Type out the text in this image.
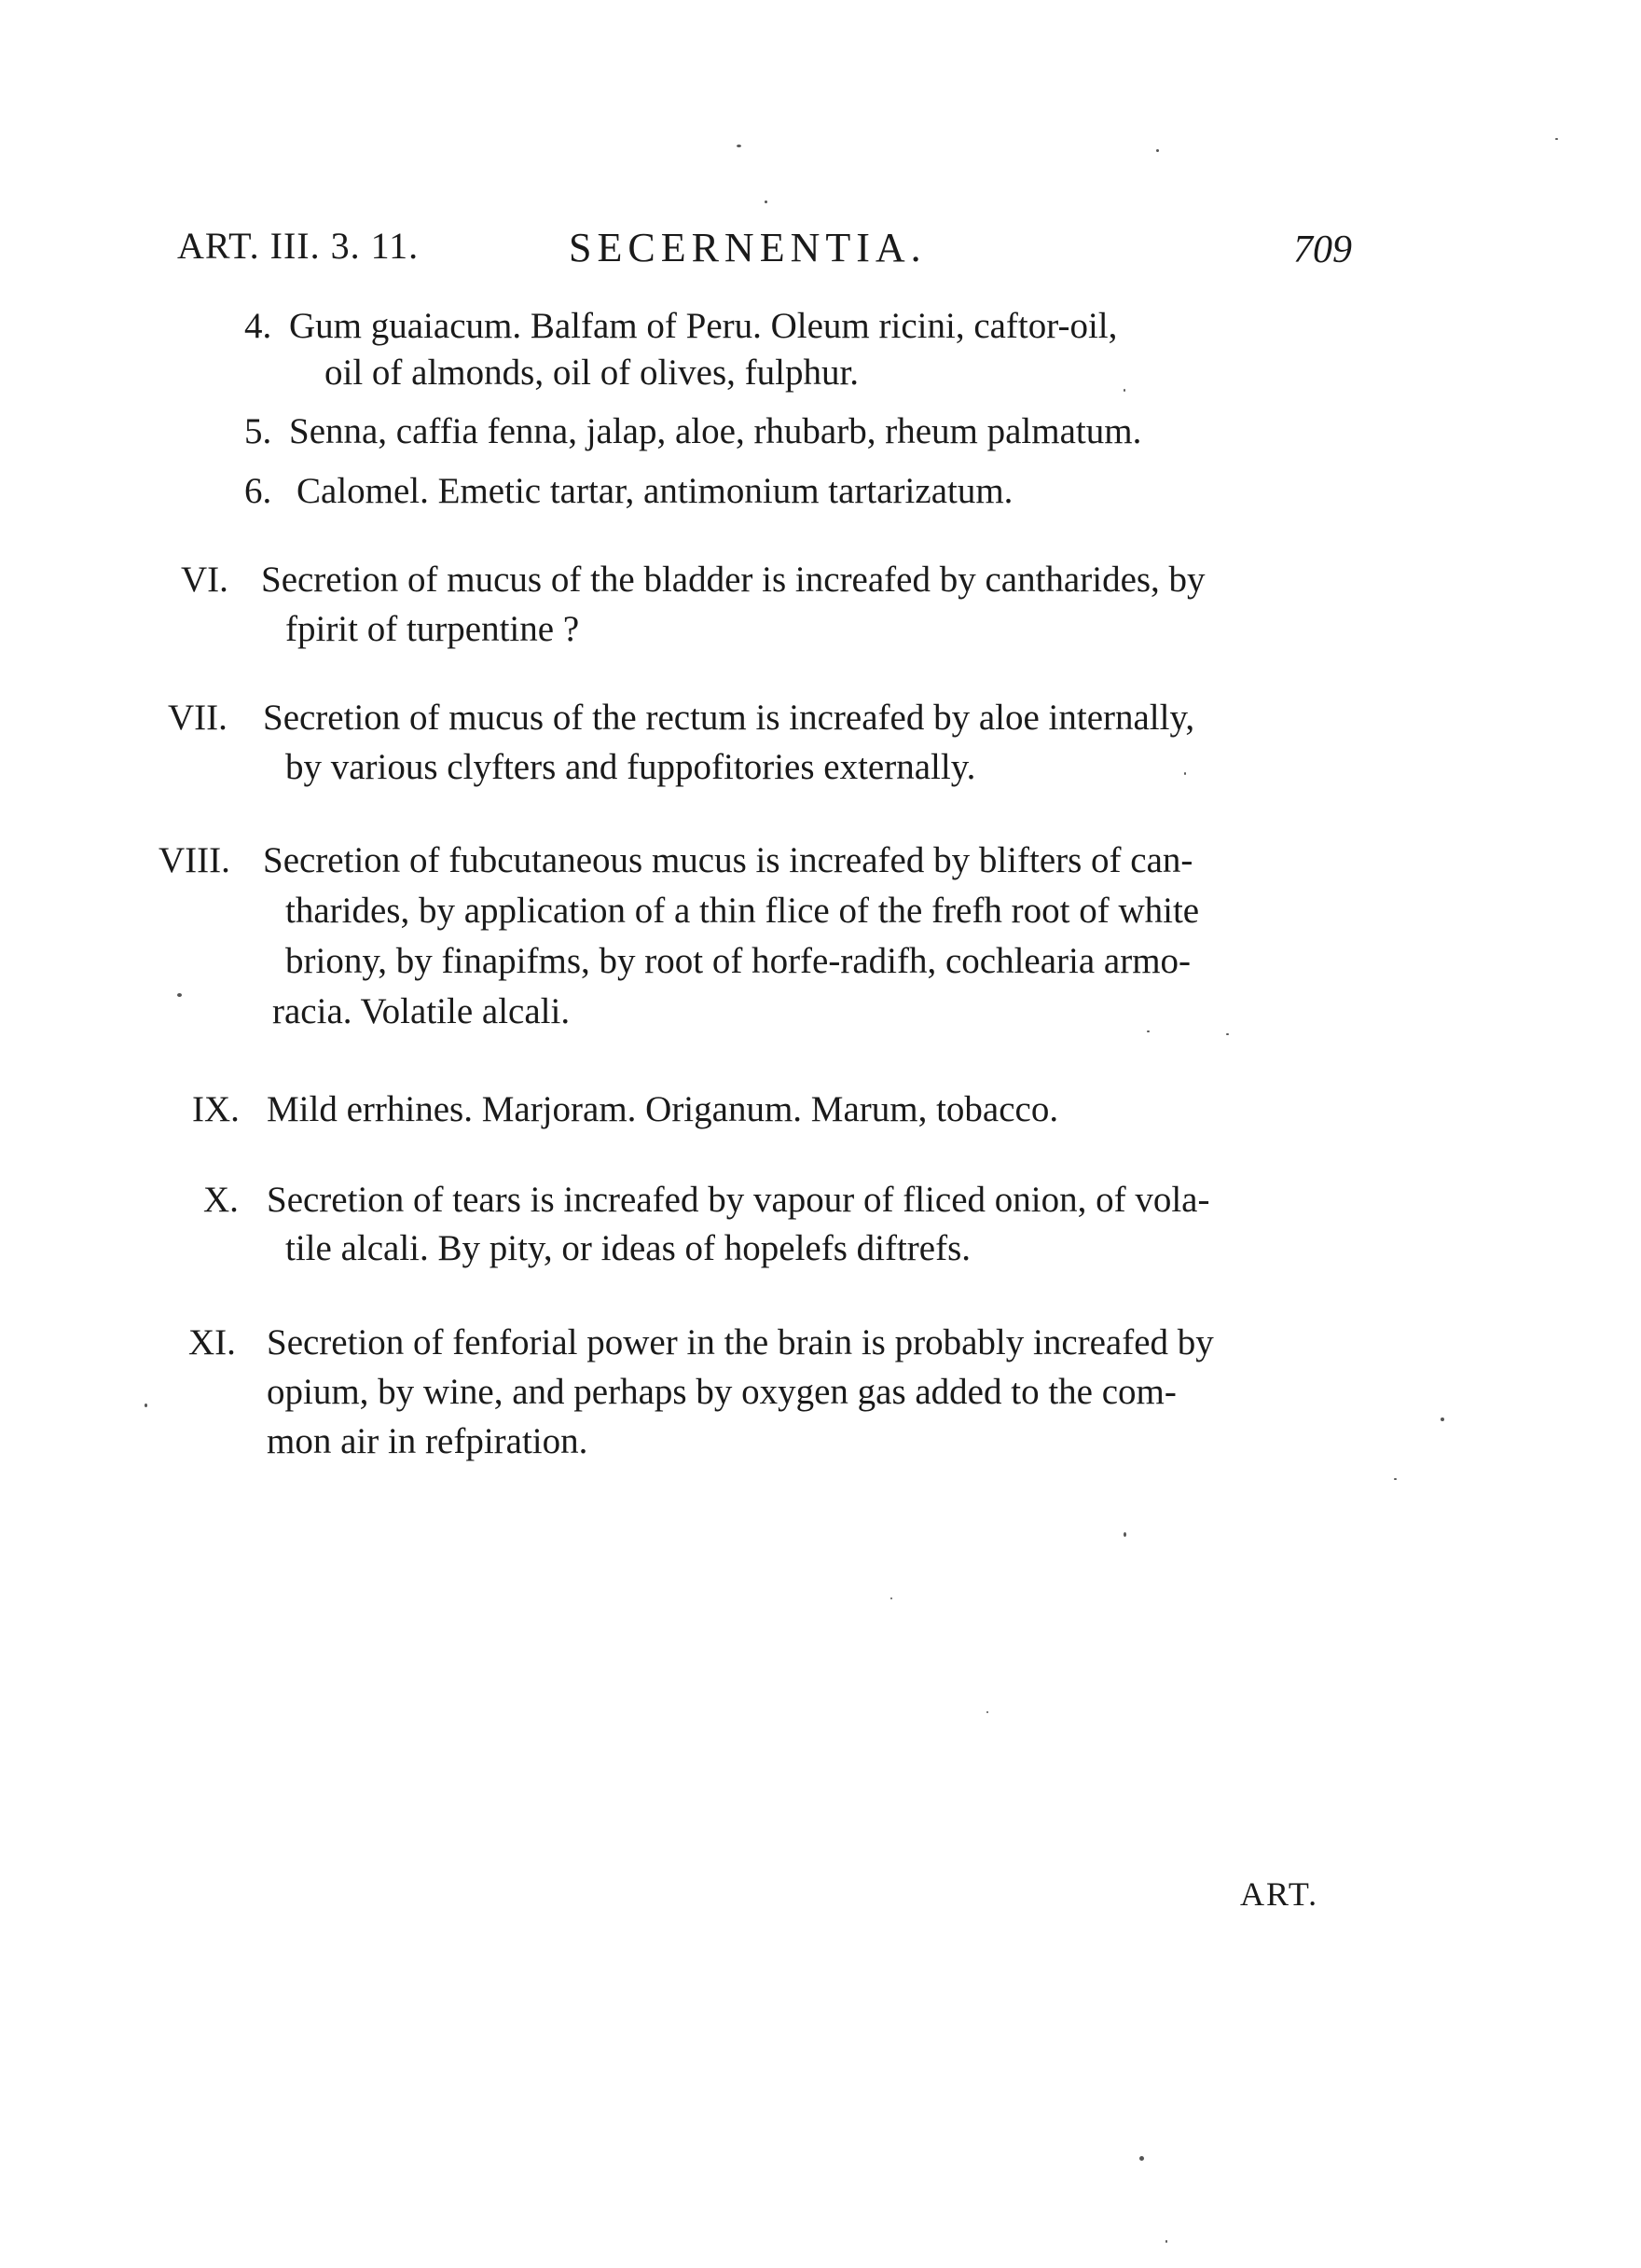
ART. III. 3. 11.	SECERNENTIA.	709
4. Gum guaiacum. Balfam of Peru. Oleum ricini, caftor-oil,
oil of almonds, oil of olives, fulphur.
5. Senna, caffia fenna, jalap, aloe, rhubarb, rheum palmatum.
6. Calomel. Emetic tartar, antimonium tartarizatum.
VI. Secretion of mucus of the bladder is increafed by cantharides, by
fpirit of turpentine ?
VII. Secretion of mucus of the rectum is increafed by aloe internally,
by various clyfters and fuppofitories externally.
VIII. Secretion of fubcutaneous mucus is increafed by blifters of can-
tharides, by application of a thin flice of the frefh root of white
briony, by finapifms, by root of horfe-radifh, cochlearia armo-
racia. Volatile alcali.
IX. Mild errhines. Marjoram. Origanum. Marum, tobacco.
X. Secretion of tears is increafed by vapour of fliced onion, of vola-
tile alcali. By pity, or ideas of hopelefs diftrefs.
XI. Secretion of fenforial power in the brain is probably increafed by
opium, by wine, and perhaps by oxygen gas added to the com-
mon air in refpiration.
ART.
